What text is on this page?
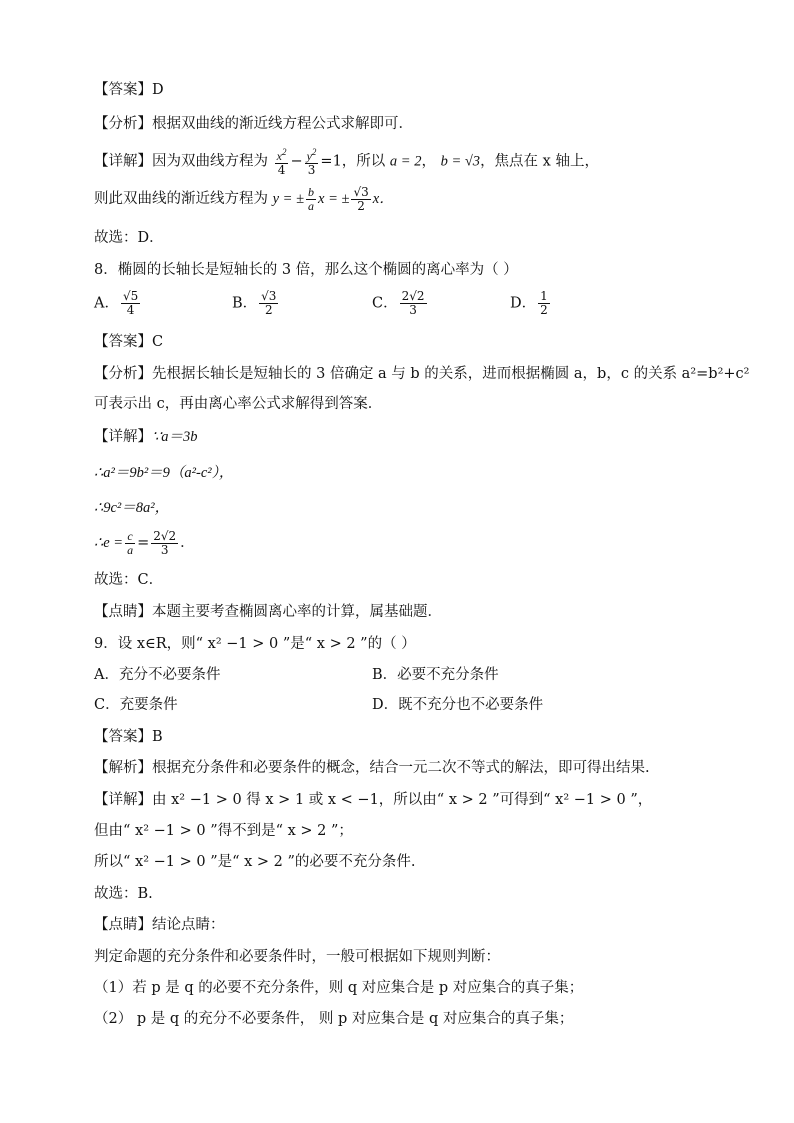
【答案】D
【分析】根据双曲线的渐近线方程公式求解即可．
【详解】因为双曲线方程为 $\frac{x^2}{4} - \frac{y^2}{3} =1$，所以 a = 2， b = √3，焦点在 x 轴上，
则此双曲线的渐近线方程为 y = ± $\frac{b}{a}$ x = ± $\frac{√3}{2}$ x．
故选：D．
8．椭圆的长轴长是短轴长的 3 倍，那么这个椭圆的离心率为（ ）
A． $\frac{√5}{4}$	B． $\frac{√3}{2}$	C． $\frac{2√2}{3}$	D． $\frac{1}{2}$
【答案】C
【分析】先根据长轴长是短轴长的 3 倍确定 a 与 b 的关系，进而根据椭圆 a，b，c 的关系 a²=b²+c²
可表示出 c，再由离心率公式求解得到答案．
【详解】∵a＝3b
∴a²＝9b²＝9（a²-c²），
∴9c²＝8a²，
∴e = $\frac{c}{a} = \frac{2√2}{3}$ ．
故选：C．
【点睛】本题主要考查椭圆离心率的计算，属基础题．
9．设 x∈R，则“ x² −1 > 0 ”是“ x > 2 ”的（ ）
A．充分不必要条件	B．必要不充分条件
C．充要条件	D．既不充分也不必要条件
【答案】B
【解析】根据充分条件和必要条件的概念，结合一元二次不等式的解法，即可得出结果.
【详解】由 x² −1 > 0 得 x > 1 或 x < −1，所以由“ x > 2 ”可得到“ x² −1 > 0 ”，
但由“ x² −1 > 0 ”得不到是“ x > 2 ”；
所以“ x² −1 > 0 ”是“ x > 2 ”的必要不充分条件.
故选：B.
【点睛】结论点睛：
判定命题的充分条件和必要条件时，一般可根据如下规则判断：
（1）若 p 是 q 的必要不充分条件，则 q 对应集合是 p 对应集合的真子集；
（2） p 是 q 的充分不必要条件， 则 p 对应集合是 q 对应集合的真子集；
